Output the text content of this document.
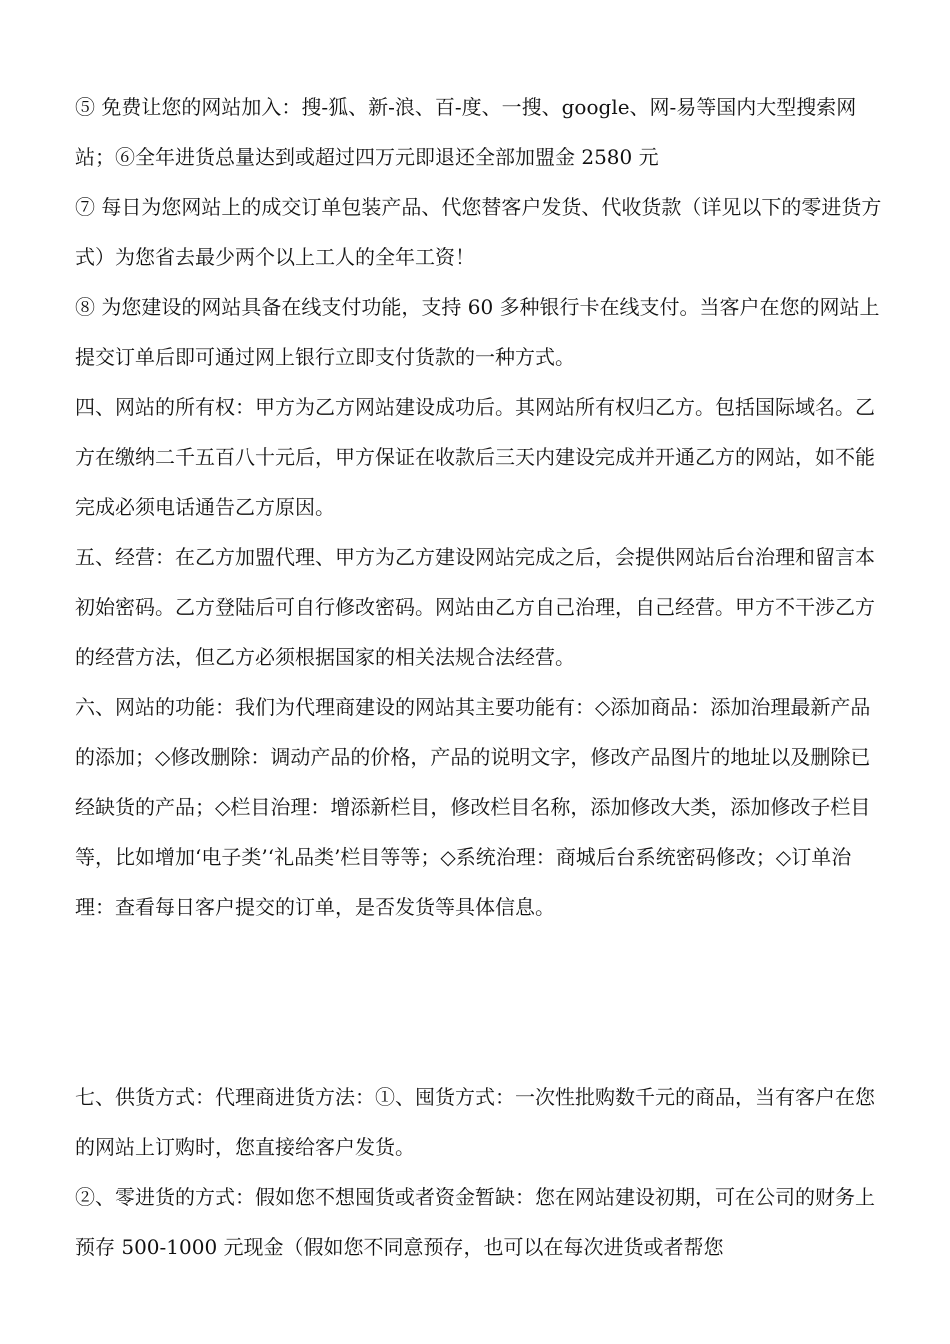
⑤ 免费让您的网站加入：搜-狐、新-浪、百-度、一搜、google、网-易等国内大型搜索网站；⑥全年进货总量达到或超过四万元即退还全部加盟金 2580 元

⑦ 每日为您网站上的成交订单包装产品、代您替客户发货、代收货款（详见以下的零进货方式）为您省去最少两个以上工人的全年工资！

⑧ 为您建设的网站具备在线支付功能，支持 60 多种银行卡在线支付。当客户在您的网站上提交订单后即可通过网上银行立即支付货款的一种方式。

四、网站的所有权：甲方为乙方网站建设成功后。其网站所有权归乙方。包括国际域名。乙方在缴纳二千五百八十元后，甲方保证在收款后三天内建设完成并开通乙方的网站，如不能完成必须电话通告乙方原因。

五、经营：在乙方加盟代理、甲方为乙方建设网站完成之后，会提供网站后台治理和留言本初始密码。乙方登陆后可自行修改密码。网站由乙方自己治理，自己经营。甲方不干涉乙方的经营方法，但乙方必须根据国家的相关法规合法经营。

六、网站的功能：我们为代理商建设的网站其主要功能有：◇添加商品：添加治理最新产品的添加；◇修改删除：调动产品的价格，产品的说明文字，修改产品图片的地址以及删除已经缺货的产品；◇栏目治理：增添新栏目，修改栏目名称，添加修改大类，添加修改子栏目等，比如增加‘电子类’‘礼品类’栏目等等；◇系统治理：商城后台系统密码修改；◇订单治理：查看每日客户提交的订单，是否发货等具体信息。

七、供货方式：代理商进货方法：①、囤货方式：一次性批购数千元的商品，当有客户在您的网站上订购时，您直接给客户发货。

②、零进货的方式：假如您不想囤货或者资金暂缺：您在网站建设初期，可在公司的财务上预存 500-1000 元现金（假如您不同意预存，也可以在每次进货或者帮您
